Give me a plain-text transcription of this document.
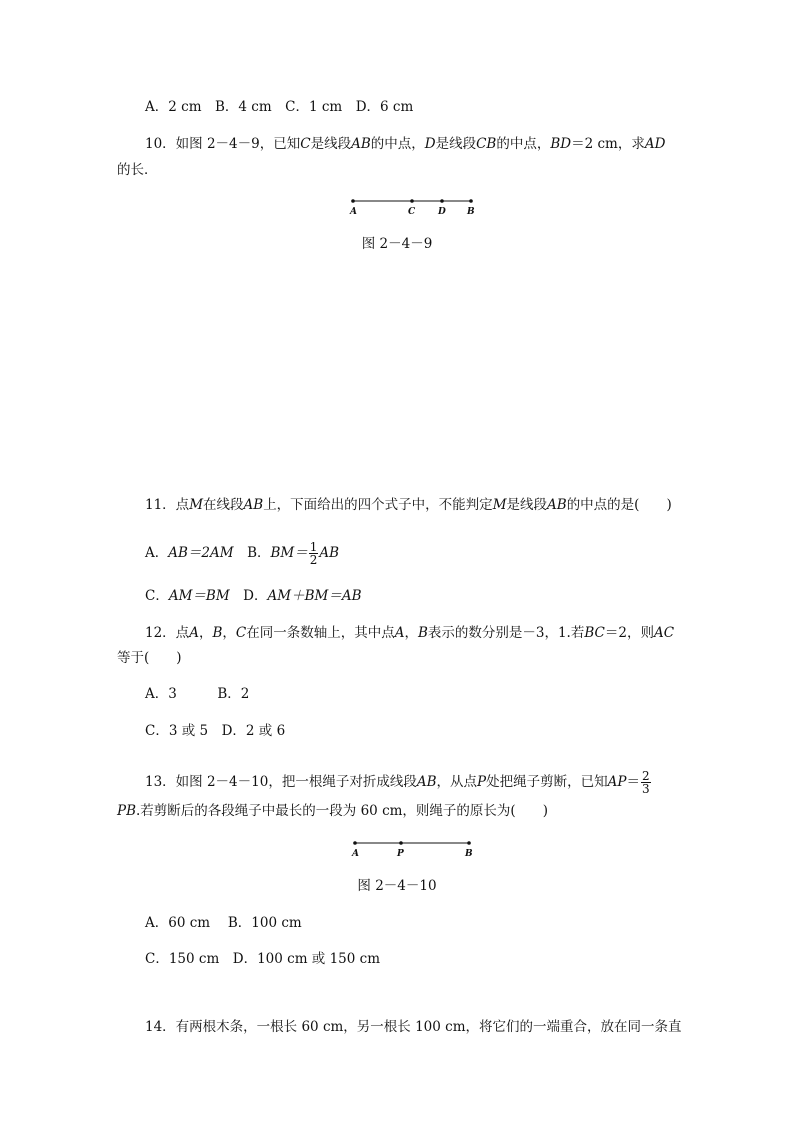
A．2 cm　B．4 cm　C．1 cm　D．6 cm
10．如图 2－4－9，已知C是线段AB的中点，D是线段CB的中点，BD＝2 cm，求AD
的长．
A	C	D B
图 2－4－9
11．点M在线段AB上，下面给出的四个式子中，不能判定M是线段AB的中点的是(　　)
A．AB＝2AM　 B．$BM= \frac{1}{2}$ AB
C．AM＝BM　 D．AM＋BM＝AB
12．点A，B，C在同一条数轴上，其中点A，B表示的数分别是－3，1.若BC＝2，则AC
等于(　　)
A．3　　　B．2
C．3 或 5　D．2 或 6
13．如图 2－4－10，把一根绳子对折成线段AB，从点P处把绳子剪断，已知$AP= \frac{2}{3}$
PB.若剪断后的各段绳子中最长的一段为 60 cm，则绳子的原长为(　　)
A	P	B
图 2－4－10
A．60 cm　 B．100 cm
C．150 cm　D．100 cm 或 150 cm
14．有两根木条，一根长 60 cm，另一根长 100 cm，将它们的一端重合，放在同一条直
